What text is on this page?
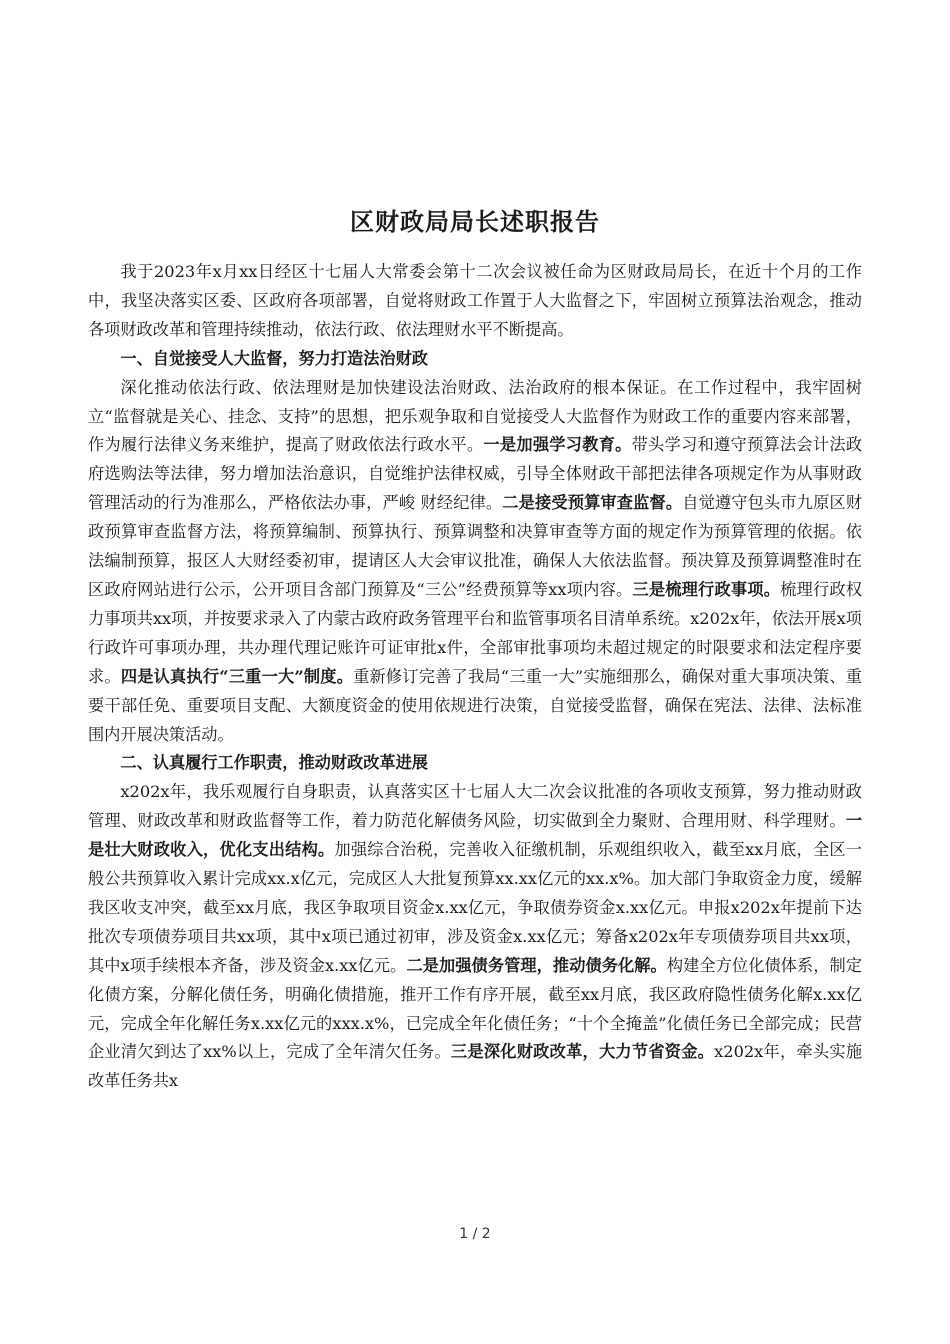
区财政局局长述职报告

我于2023年x月xx日经区十七届人大常委会第十二次会议被任命为区财政局局长，在近十个月的工作中，我坚决落实区委、区政府各项部署，自觉将财政工作置于人大监督之下，牢固树立预算法治观念，推动各项财政改革和管理持续推动，依法行政、依法理财水平不断提高。

一、自觉接受人大监督，努力打造法治财政

深化推动依法行政、依法理财是加快建设法治财政、法治政府的根本保证。在工作过程中，我牢固树立“监督就是关心、挂念、支持”的思想，把乐观争取和自觉接受人大监督作为财政工作的重要内容来部署，作为履行法律义务来维护，提高了财政依法行政水平。一是加强学习教育。带头学习和遵守预算法会计法政府选购法等法律，努力增加法治意识，自觉维护法律权威，引导全体财政干部把法律各项规定作为从事财政管理活动的行为准那么，严格依法办事，严峻 财经纪律。二是接受预算审查监督。自觉遵守包头市九原区财政预算审查监督方法，将预算编制、预算执行、预算调整和决算审查等方面的规定作为预算管理的依据。依法编制预算，报区人大财经委初审，提请区人大会审议批准，确保人大依法监督。预决算及预算调整准时在区政府网站进行公示，公开项目含部门预算及“三公”经费预算等xx项内容。三是梳理行政事项。梳理行政权力事项共xx项，并按要求录入了内蒙古政府政务管理平台和监管事项名目清单系统。x202x年，依法开展x项行政许可事项办理，共办理代理记账许可证审批x件，全部审批事项均未超过规定的时限要求和法定程序要求。四是认真执行“三重一大”制度。重新修订完善了我局“三重一大”实施细那么，确保对重大事项决策、重要干部任免、重要项目支配、大额度资金的使用依规进行决策，自觉接受监督，确保在宪法、法律、法标准围内开展决策活动。

二、认真履行工作职责，推动财政改革进展

x202x年，我乐观履行自身职责，认真落实区十七届人大二次会议批准的各项收支预算，努力推动财政管理、财政改革和财政监督等工作，着力防范化解债务风险，切实做到全力聚财、合理用财、科学理财。一是壮大财政收入，优化支出结构。加强综合治税，完善收入征缴机制，乐观组织收入，截至xx月底，全区一般公共预算收入累计完成xx.x亿元，完成区人大批复预算xx.xx亿元的xx.x%。加大部门争取资金力度，缓解我区收支冲突，截至xx月底，我区争取项目资金x.xx亿元，争取债券资金x.xx亿元。申报x202x年提前下达批次专项债券项目共xx项，其中x项已通过初审，涉及资金x.xx亿元；筹备x202x年专项债券项目共xx项，其中x项手续根本齐备，涉及资金x.xx亿元。二是加强债务管理，推动债务化解。构建全方位化债体系，制定化债方案，分解化债任务，明确化债措施，推开工作有序开展，截至xx月底，我区政府隐性债务化解x.xx亿元，完成全年化解任务x.xx亿元的xxx.x%，已完成全年化债任务；“十个全掩盖”化债任务已全部完成；民营企业清欠到达了xx%以上，完成了全年清欠任务。三是深化财政改革，大力节省资金。x202x年，牵头实施改革任务共x

1 / 2
